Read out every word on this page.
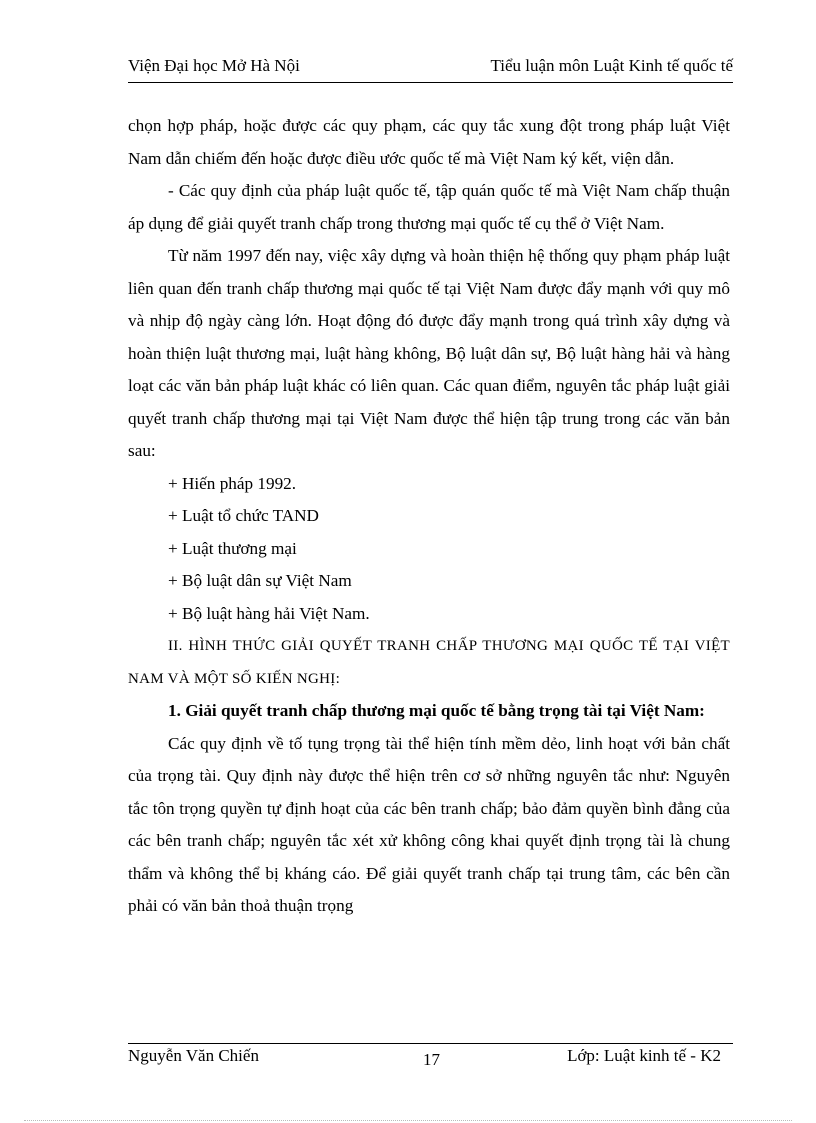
Viện Đại học Mở Hà Nội	Tiểu luận môn Luật Kinh tế quốc tế

chọn hợp pháp, hoặc được các quy phạm, các quy tắc xung đột trong pháp luật Việt Nam dẫn chiếm đến hoặc được điều ước quốc tế mà Việt Nam ký kết, viện dẫn.

- Các quy định của pháp luật quốc tế, tập quán quốc tế mà Việt Nam chấp thuận áp dụng để giải quyết tranh chấp trong thương mại quốc tế cụ thể ở Việt Nam.

Từ năm 1997 đến nay, việc xây dựng và hoàn thiện hệ thống quy phạm pháp luật liên quan đến tranh chấp thương mại quốc tế tại Việt Nam được đẩy mạnh với quy mô và nhịp độ ngày càng lớn. Hoạt động đó được đẩy mạnh trong quá trình xây dựng và hoàn thiện luật thương mại, luật hàng không, Bộ luật dân sự, Bộ luật hàng hải và hàng loạt các văn bản pháp luật khác có liên quan. Các quan điểm, nguyên tắc pháp luật giải quyết tranh chấp thương mại tại Việt Nam được thể hiện tập trung trong các văn bản sau:

+ Hiến pháp 1992.

+ Luật tổ chức TAND

+ Luật thương mại

+ Bộ luật dân sự Việt Nam

+ Bộ luật hàng hải Việt Nam.

II. HÌNH THỨC GIẢI QUYẾT TRANH CHẤP THƯƠNG MẠI QUỐC TẾ TẠI VIỆT NAM VÀ MỘT SỐ KIẾN NGHỊ:

1. Giải quyết tranh chấp thương mại quốc tế bằng trọng tài tại Việt Nam:

Các quy định về tố tụng trọng tài thể hiện tính mềm dẻo, linh hoạt với bản chất của trọng tài. Quy định này được thể hiện trên cơ sở những nguyên tắc như: Nguyên tắc tôn trọng quyền tự định hoạt của các bên tranh chấp; bảo đảm quyền bình đẳng của các bên tranh chấp; nguyên tắc xét xử không công khai quyết định trọng tài là chung thẩm và không thể bị kháng cáo. Để giải quyết tranh chấp tại trung tâm, các bên cần phải có văn bản thoả thuận trọng

Nguyễn Văn Chiến	17	Lớp: Luật kinh tế - K2
